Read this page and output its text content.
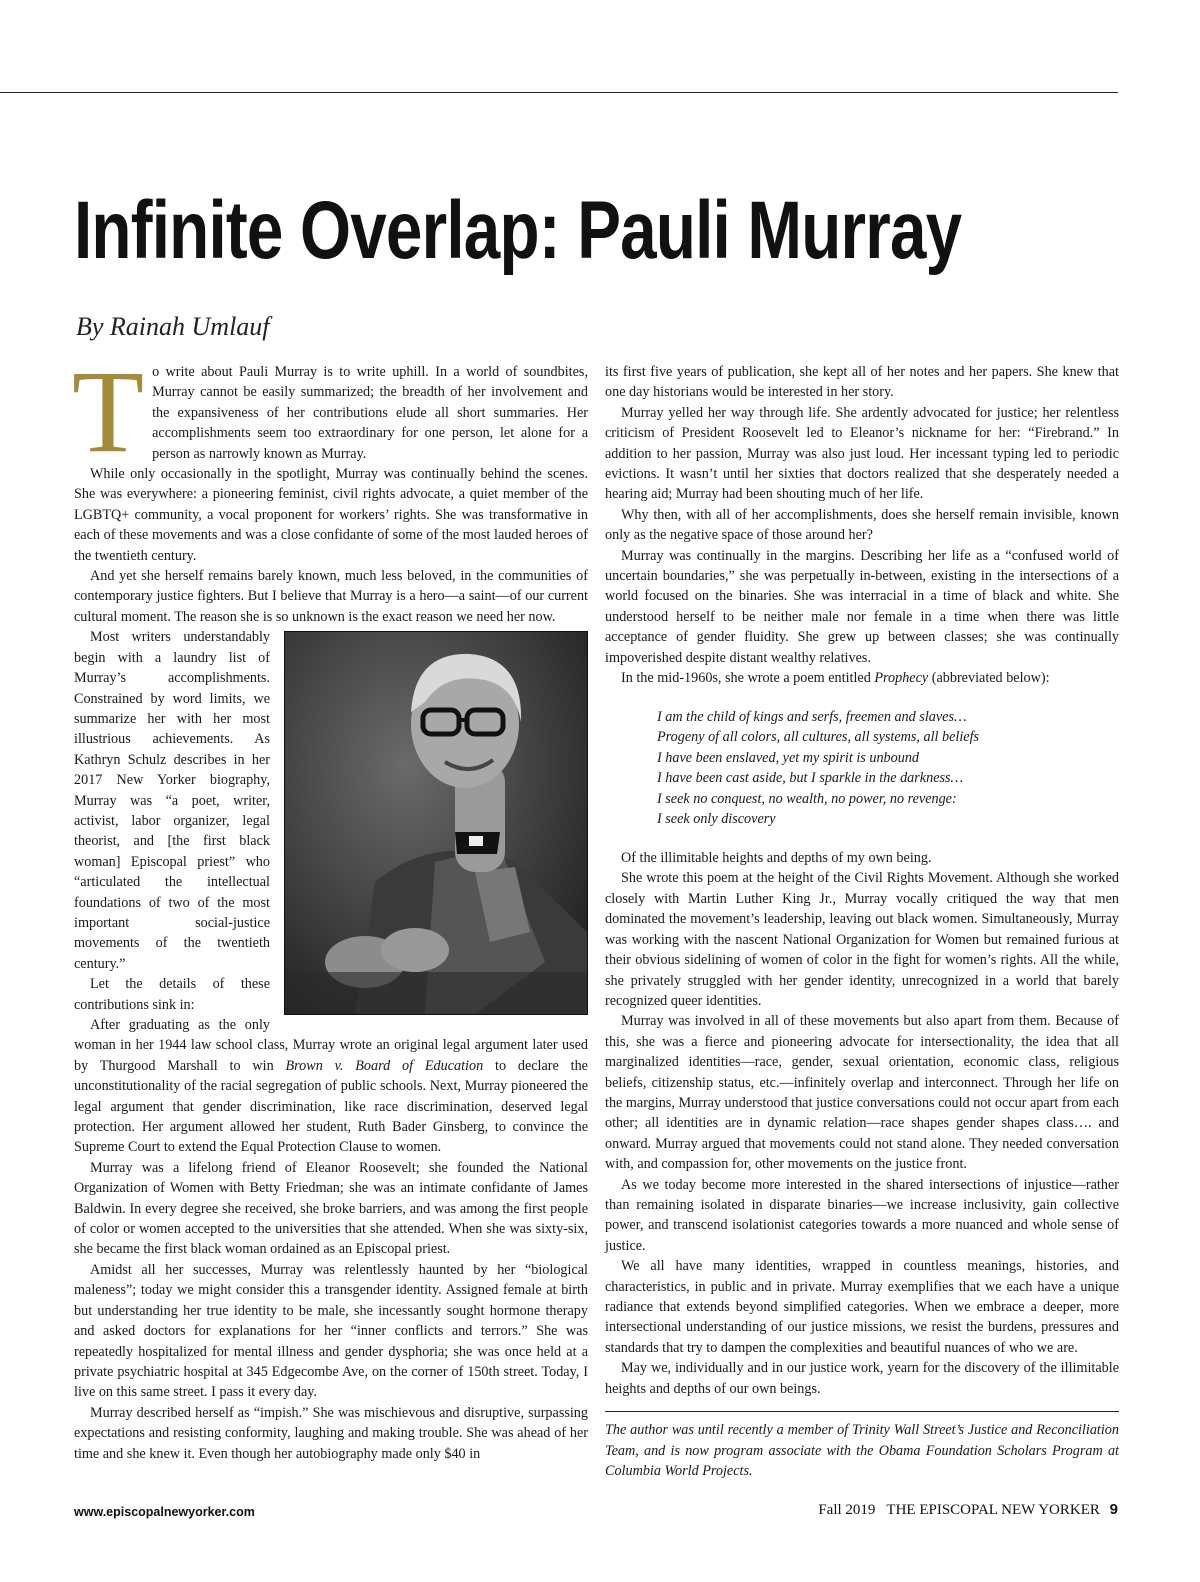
Infinite Overlap: Pauli Murray
By Rainah Umlauf

To write about Pauli Murray is to write uphill. In a world of soundbites, Murray cannot be easily summarized; the breadth of her involvement and the expansiveness of her contributions elude all short summaries. Her accomplishments seem too extraordinary for one person, let alone for a person as narrowly known as Murray.

While only occasionally in the spotlight, Murray was continually behind the scenes. She was everywhere: a pioneering feminist, civil rights advocate, a quiet member of the LGBTQ+ community, a vocal proponent for workers’ rights. She was transformative in each of these movements and was a close confidante of some of the most lauded heroes of the twentieth century.

And yet she herself remains barely known, much less beloved, in the communities of contemporary justice fighters. But I believe that Murray is a hero—a saint—of our current cultural moment. The reason she is so unknown is the exact reason we need her now.

Most writers understandably begin with a laundry list of Murray’s accomplishments. Constrained by word limits, we summarize her with her most illustrious achievements. As Kathryn Schulz describes in her 2017 New Yorker biography, Murray was “a poet, writer, activist, labor organizer, legal theorist, and [the first black woman] Episcopal priest” who “articulated the intellectual foundations of two of the most important social-justice movements of the twentieth century.”

Let the details of these contributions sink in:

After graduating as the only woman in her 1944 law school class, Murray wrote an original legal argument later used by Thurgood Marshall to win Brown v. Board of Education to declare the unconstitutionality of the racial segregation of public schools. Next, Murray pioneered the legal argument that gender discrimination, like race discrimination, deserved legal protection. Her argument allowed her student, Ruth Bader Ginsberg, to convince the Supreme Court to extend the Equal Protection Clause to women.

Murray was a lifelong friend of Eleanor Roosevelt; she founded the National Organization of Women with Betty Friedman; she was an intimate confidante of James Baldwin. In every degree she received, she broke barriers, and was among the first people of color or women accepted to the universities that she attended. When she was sixty-six, she became the first black woman ordained as an Episcopal priest.

Amidst all her successes, Murray was relentlessly haunted by her “biological maleness”; today we might consider this a transgender identity. Assigned female at birth but understanding her true identity to be male, she incessantly sought hormone therapy and asked doctors for explanations for her “inner conflicts and terrors.” She was repeatedly hospitalized for mental illness and gender dysphoria; she was once held at a private psychiatric hospital at 345 Edgecombe Ave, on the corner of 150th street. Today, I live on this same street. I pass it every day.

Murray described herself as “impish.” She was mischievous and disruptive, surpassing expectations and resisting conformity, laughing and making trouble. She was ahead of her time and she knew it. Even though her autobiography made only $40 in

its first five years of publication, she kept all of her notes and her papers. She knew that one day historians would be interested in her story.

Murray yelled her way through life. She ardently advocated for justice; her relentless criticism of President Roosevelt led to Eleanor’s nickname for her: “Firebrand.” In addition to her passion, Murray was also just loud. Her incessant typing led to periodic evictions. It wasn’t until her sixties that doctors realized that she desperately needed a hearing aid; Murray had been shouting much of her life.

Why then, with all of her accomplishments, does she herself remain invisible, known only as the negative space of those around her?

Murray was continually in the margins. Describing her life as a “confused world of uncertain boundaries,” she was perpetually in-between, existing in the intersections of a world focused on the binaries. She was interracial in a time of black and white. She understood herself to be neither male nor female in a time when there was little acceptance of gender fluidity. She grew up between classes; she was continually impoverished despite distant wealthy relatives.

In the mid-1960s, she wrote a poem entitled Prophecy (abbreviated below):

I am the child of kings and serfs, freemen and slaves…
Progeny of all colors, all cultures, all systems, all beliefs
I have been enslaved, yet my spirit is unbound
I have been cast aside, but I sparkle in the darkness…
I seek no conquest, no wealth, no power, no revenge:
I seek only discovery

Of the illimitable heights and depths of my own being.

She wrote this poem at the height of the Civil Rights Movement. Although she worked closely with Martin Luther King Jr., Murray vocally critiqued the way that men dominated the movement’s leadership, leaving out black women. Simultaneously, Murray was working with the nascent National Organization for Women but remained furious at their obvious sidelining of women of color in the fight for women’s rights. All the while, she privately struggled with her gender identity, unrecognized in a world that barely recognized queer identities.

Murray was involved in all of these movements but also apart from them. Because of this, she was a fierce and pioneering advocate for intersectionality, the idea that all marginalized identities—race, gender, sexual orientation, economic class, religious beliefs, citizenship status, etc.—infinitely overlap and interconnect. Through her life on the margins, Murray understood that justice conversations could not occur apart from each other; all identities are in dynamic relation—race shapes gender shapes class…. and onward. Murray argued that movements could not stand alone. They needed conversation with, and compassion for, other movements on the justice front.

As we today become more interested in the shared intersections of injustice—rather than remaining isolated in disparate binaries—we increase inclusivity, gain collective power, and transcend isolationist categories towards a more nuanced and whole sense of justice.

We all have many identities, wrapped in countless meanings, histories, and characteristics, in public and in private. Murray exemplifies that we each have a unique radiance that extends beyond simplified categories. When we embrace a deeper, more intersectional understanding of our justice missions, we resist the burdens, pressures and standards that try to dampen the complexities and beautiful nuances of who we are.

May we, individually and in our justice work, yearn for the discovery of the illimitable heights and depths of our own beings.

The author was until recently a member of Trinity Wall Street’s Justice and Reconciliation Team, and is now program associate with the Obama Foundation Scholars Program at Columbia World Projects.

www.episcopalnewyorker.com	Fall 2019 THE EPISCOPAL NEW YORKER 9
